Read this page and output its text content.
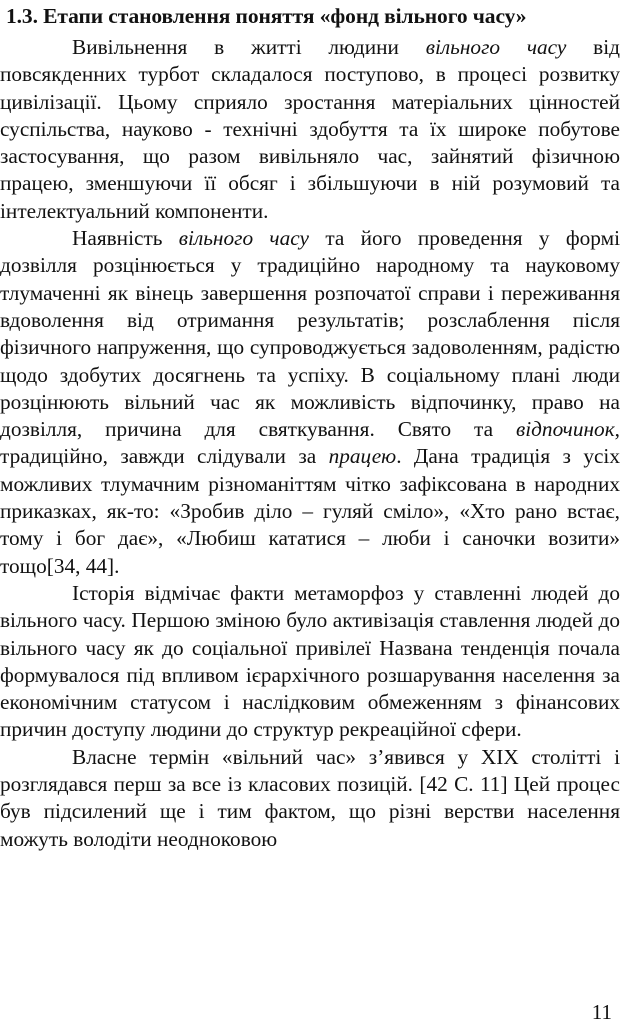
1.3. Етапи становлення поняття «фонд вільного часу»

Вивільнення в житті людини вільного часу від повсякденних турбот складалося поступово, в процесі розвитку цивілізації. Цьому сприяло зростання матеріальних цінностей суспільства, науково - технічні здобуття та їх широке побутове застосування, що разом вивільняло час, зайнятий фізичною працею, зменшуючи її обсяг і збільшуючи в ній розумовий та інтелектуальний компоненти.

Наявність вільного часу та його проведення у формі дозвілля розцінюється у традиційно народному та науковому тлумаченні як вінець завершення розпочатої справи і переживання вдоволення від отримання результатів; розслаблення після фізичного напруження, що супроводжується задоволенням, радістю щодо здобутих досягнень та успіху. В соціальному плані люди розцінюють вільний час як можливість відпочинку, право на дозвілля, причина для святкування. Свято та відпочинок, традиційно, завжди слідували за працею. Дана традиція з усіх можливих тлумачним різноманіттям чітко зафіксована в народних приказках, як-то: «Зробив діло – гуляй сміло», «Хто рано встає, тому і бог дає», «Любиш кататися – люби і саночки возити» тощо[34, 44].

Історія відмічає факти метаморфоз у ставленні людей до вільного часу. Першою зміною було активізація ставлення людей до вільного часу як до соціальної привілеї Названа тенденція почала формувалося під впливом ієрархічного розшарування населення за економічним статусом і наслідковим обмеженням з фінансових причин доступу людини до структур рекреаційної сфери.

Власне термін «вільний час» з’явився у ХІХ столітті і розглядався перш за все із класових позицій. [42 С. 11] Цей процес був підсилений ще і тим фактом, що різні верстви населення можуть володіти неодноковою

11
